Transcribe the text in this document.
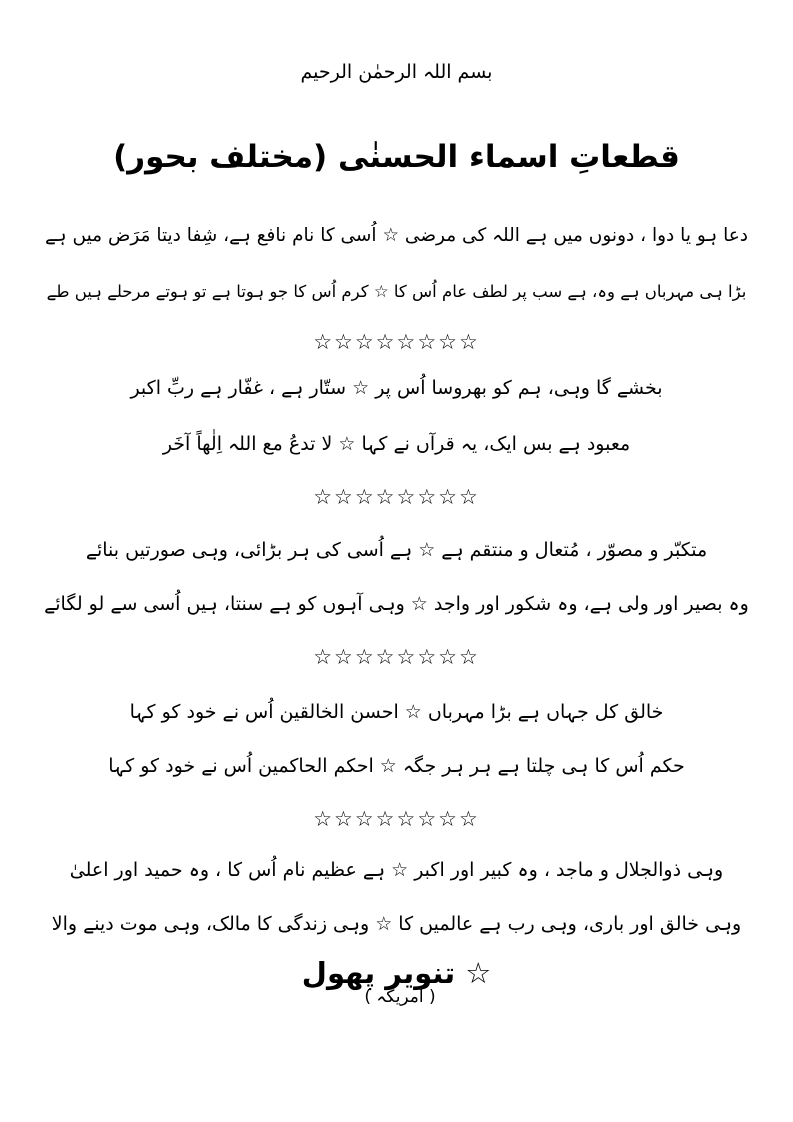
بسم اللہ الرحمٰن الرحیم
قطعاتِ اسماء الحسنٰی (مختلف بحور)
دعا ہو یا دوا ، دونوں میں ہے اللہ کی مرضی ☆ اُسی کا نام نافع ہے، شِفا دیتا مَرَض میں ہے
بڑا ہی مہرباں ہے وہ، ہے سب پر لطف عام اُس کا ☆ کرم اُس کا جو ہوتا ہے تو ہوتے مرحلے ہیں طے
☆☆☆☆☆☆☆☆
بخشے گا وہی، ہم کو بھروسا اُس پر ☆ ستّار ہے ، غفّار ہے ربِّ اکبر
معبود ہے بس ایک، یہ قرآں نے کہا ☆ لا تدعُ مع اللہ اِلٰھاً آخَر
☆☆☆☆☆☆☆☆
متکبّر و مصوّر ، مُتعال و منتقم ہے ☆ ہے اُسی کی ہر بڑائی، وہی صورتیں بنائے
وہ بصیر اور ولی ہے، وہ شکور اور واجد ☆ وہی آہوں کو ہے سنتا، ہیں اُسی سے لو لگائے
☆☆☆☆☆☆☆☆
خالق کل جہاں ہے بڑا مہرباں ☆ احسن الخالقین اُس نے خود کو کہا
حکم اُس کا ہی چلتا ہے ہر ہر جگہ ☆ احکم الحاکمین اُس نے خود کو کہا
☆☆☆☆☆☆☆☆
وہی ذوالجلال و ماجد ، وہ کبیر اور اکبر ☆ ہے عظیم نام اُس کا ، وہ حمید اور اعلیٰ
وہی خالق اور باری، وہی رب ہے عالمیں کا ☆ وہی زندگی کا مالک، وہی موت دینے والا
☆ تنویر پھول
( امریکہ )
